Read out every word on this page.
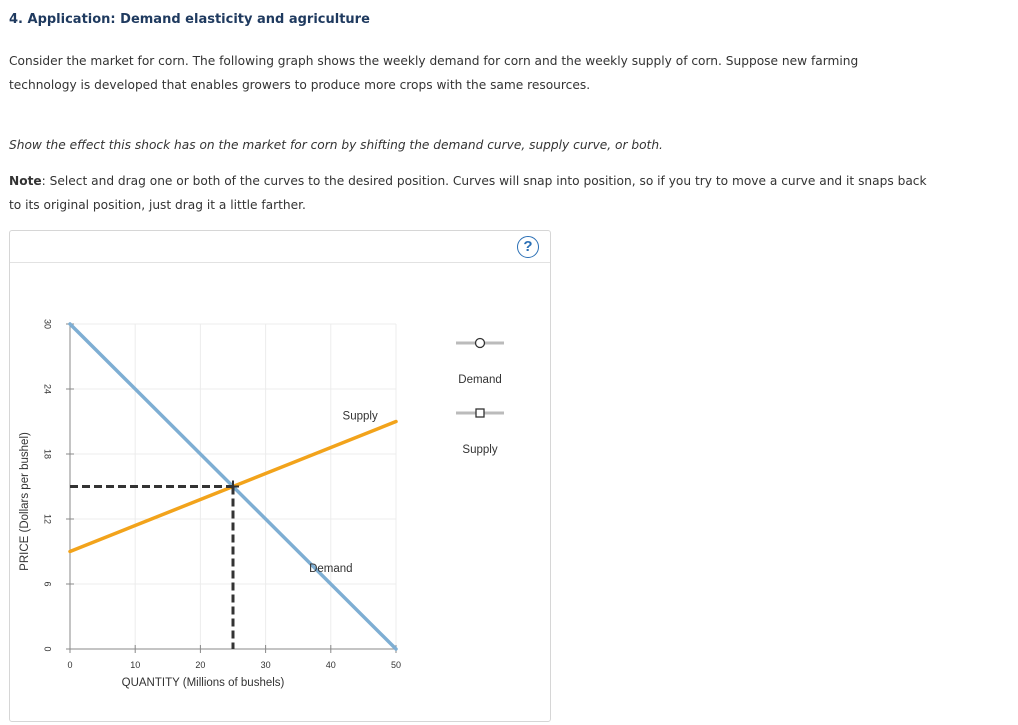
4. Application: Demand elasticity and agriculture

Consider the market for corn. The following graph shows the weekly demand for corn and the weekly supply of corn. Suppose new farming technology is developed that enables growers to produce more crops with the same resources.

Show the effect this shock has on the market for corn by shifting the demand curve, supply curve, or both.

Note: Select and drag one or both of the curves to the desired position. Curves will snap into position, so if you try to move a curve and it snaps back to its original position, just drag it a little farther.

?
0	10	20	30	40	50
0
6
12
18
24
30
QUANTITY (Millions of bushels)
PRICE (Dollars per bushel)
Supply
Demand
Demand
Supply
